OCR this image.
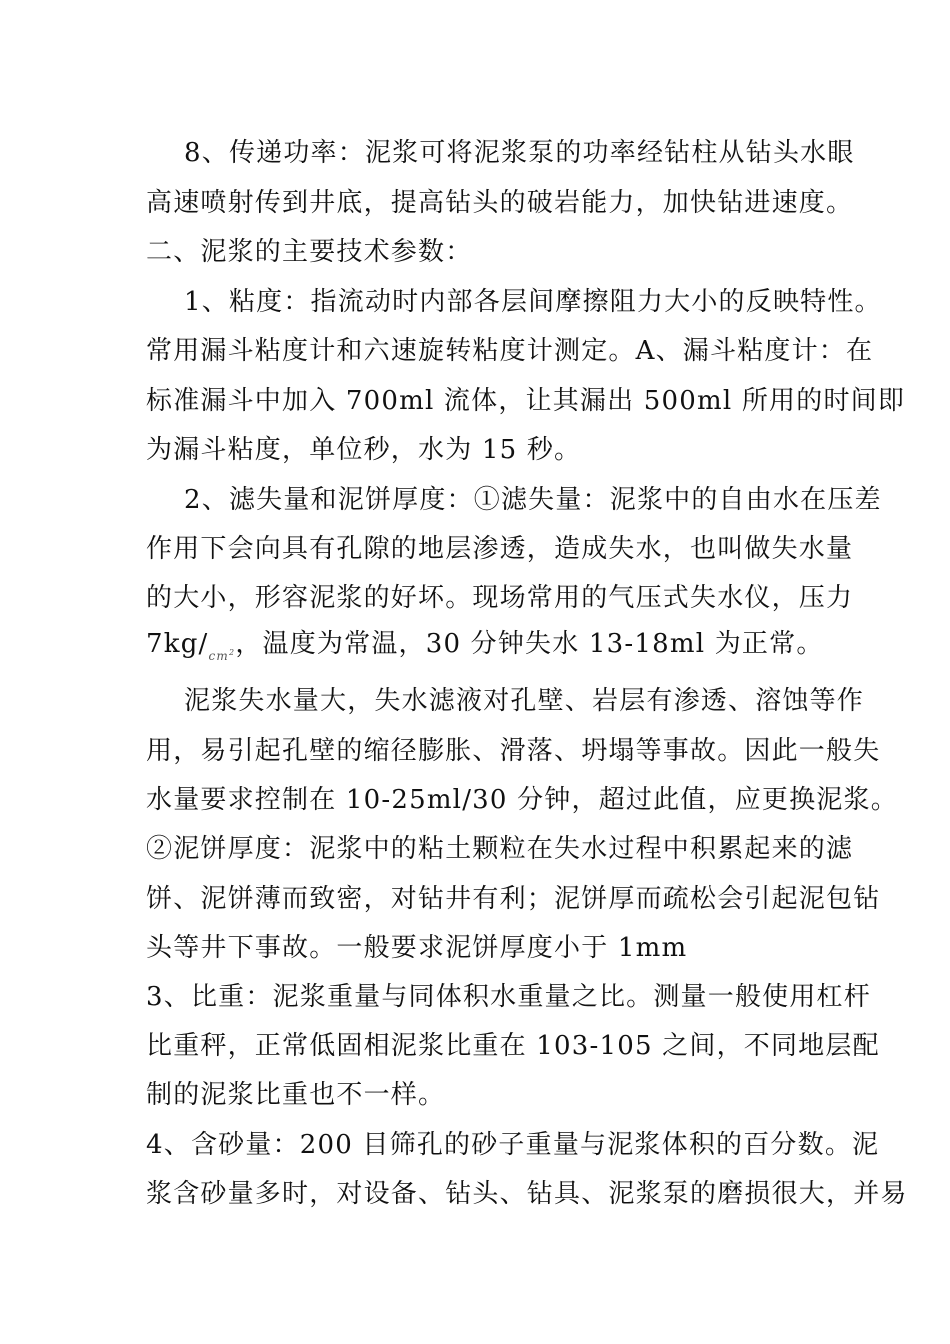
8、传递功率：泥浆可将泥浆泵的功率经钻柱从钻头水眼
高速喷射传到井底，提高钻头的破岩能力，加快钻进速度。
二、泥浆的主要技术参数：
1、粘度：指流动时内部各层间摩擦阻力大小的反映特性。
常用漏斗粘度计和六速旋转粘度计测定。A、漏斗粘度计：在
标准漏斗中加入 700ml 流体，让其漏出 500ml 所用的时间即
为漏斗粘度，单位秒，水为 15 秒。
2、滤失量和泥饼厚度：①滤失量：泥浆中的自由水在压差
作用下会向具有孔隙的地层渗透，造成失水，也叫做失水量
的大小，形容泥浆的好坏。现场常用的气压式失水仪，压力
$7kg/_{cm^2}$，温度为常温，30 分钟失水 13-18ml 为正常。
泥浆失水量大，失水滤液对孔壁、岩层有渗透、溶蚀等作
用，易引起孔壁的缩径膨胀、滑落、坍塌等事故。因此一般失
水量要求控制在 10-25ml/30 分钟，超过此值，应更换泥浆。
②泥饼厚度：泥浆中的粘土颗粒在失水过程中积累起来的滤
饼、泥饼薄而致密，对钻井有利；泥饼厚而疏松会引起泥包钻
头等井下事故。一般要求泥饼厚度小于 1mm
3、比重：泥浆重量与同体积水重量之比。测量一般使用杠杆
比重秤，正常低固相泥浆比重在 103-105 之间，不同地层配
制的泥浆比重也不一样。
4、含砂量：200 目筛孔的砂子重量与泥浆体积的百分数。泥
浆含砂量多时，对设备、钻头、钻具、泥浆泵的磨损很大，并易
